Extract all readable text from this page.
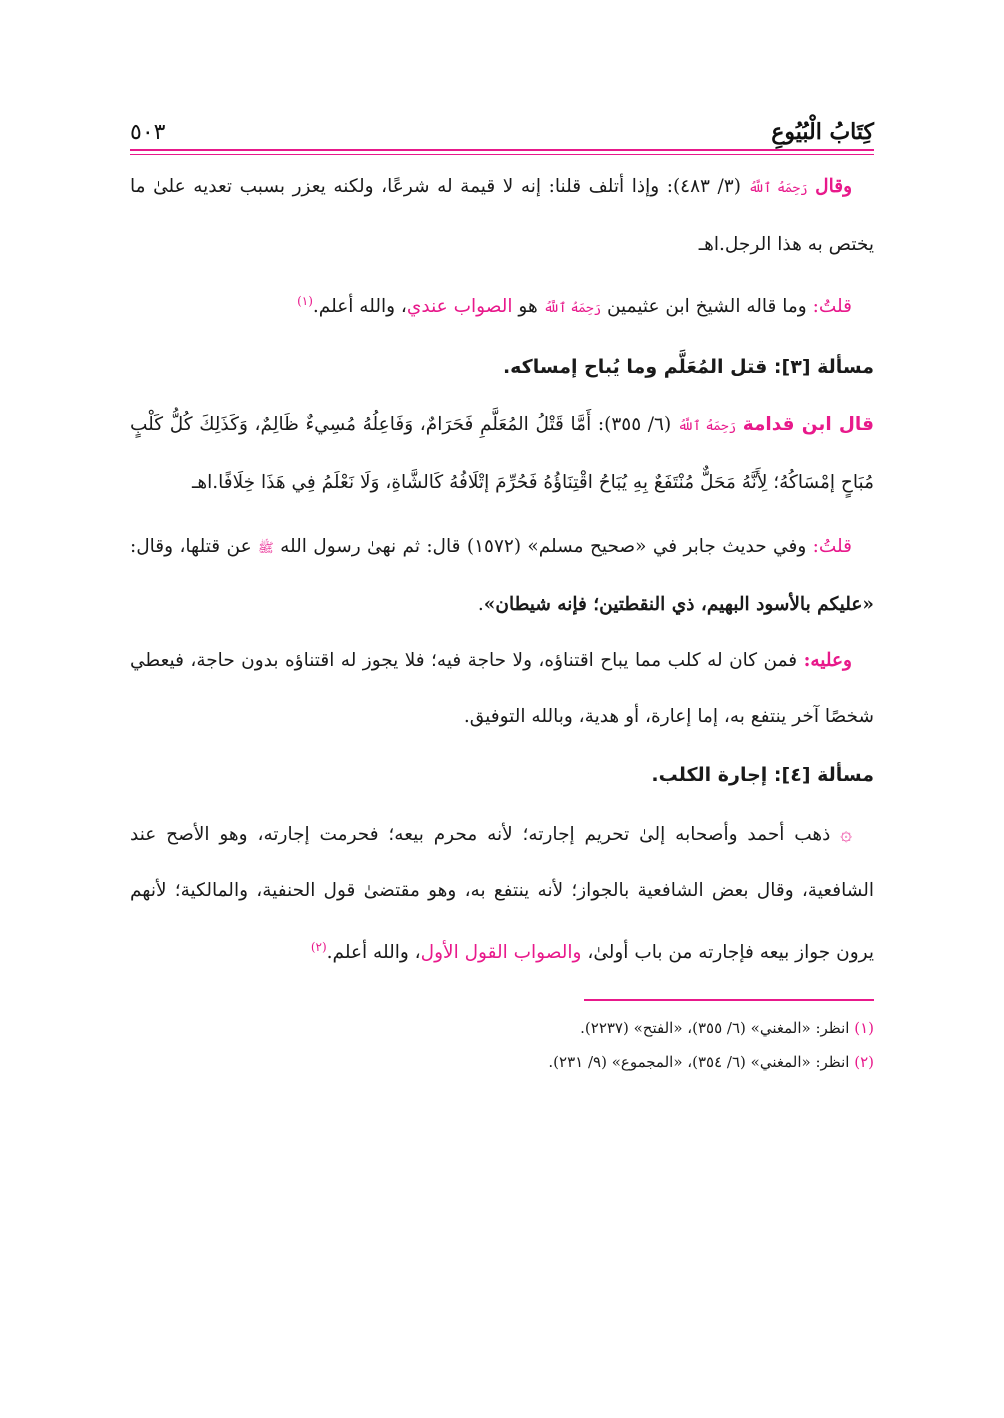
كِتَابُ الْبُيُوعِ
٥٠٣

وقال رَحِمَهُ ٱللَّهُ (٣/ ٤٨٣): وإذا أتلف قلنا: إنه لا قيمة له شرعًا، ولكنه يعزر بسبب تعديه علىٰ ما يختص به هذا الرجل.اهـ

قلتُ: وما قاله الشيخ ابن عثيمين رَحِمَهُ ٱللَّهُ هو الصواب عندي، والله أعلم.$^{(١)}$

مسألة [٣]: قتل المُعَلَّم وما يُباح إمساكه.

قال ابن قدامة رَحِمَهُ ٱللَّهُ (٦/ ٣٥٥): أَمَّا قَتْلُ المُعَلَّمِ فَحَرَامٌ، وَفَاعِلُهُ مُسِيءٌ ظَالِمٌ، وَكَذَلِكَ كُلُّ كَلْبٍ مُبَاحٍ إمْسَاكُهُ؛ لِأَنَّهُ مَحَلٌّ مُنْتَفَعٌ بِهِ يُبَاحُ اقْتِنَاؤُهُ فَحُرِّمَ إتْلَافُهُ كَالشَّاةِ، وَلَا نَعْلَمُ فِي هَذَا خِلَافًا.اهـ

قلتُ: وفي حديث جابر في «صحيح مسلم» (١٥٧٢) قال: ثم نهىٰ رسول الله ﷺ عن قتلها، وقال: «عليكم بالأسود البهيم، ذي النقطتين؛ فإنه شيطان».

وعليه: فمن كان له كلب مما يباح اقتناؤه، ولا حاجة فيه؛ فلا يجوز له اقتناؤه بدون حاجة، فيعطي شخصًا آخر ينتفع به، إما إعارة، أو هدية، وبالله التوفيق.

مسألة [٤]: إجارة الكلب.

۞ ذهب أحمد وأصحابه إلىٰ تحريم إجارته؛ لأنه محرم بيعه؛ فحرمت إجارته، وهو الأصح عند الشافعية، وقال بعض الشافعية بالجواز؛ لأنه ينتفع به، وهو مقتضىٰ قول الحنفية، والمالكية؛ لأنهم يرون جواز بيعه فإجارته من باب أولىٰ، والصواب القول الأول، والله أعلم.$^{(٢)}$

(١) انظر: «المغني» (٦/ ٣٥٥)، «الفتح» (٢٢٣٧).

(٢) انظر: «المغني» (٦/ ٣٥٤)، «المجموع» (٩/ ٢٣١).
